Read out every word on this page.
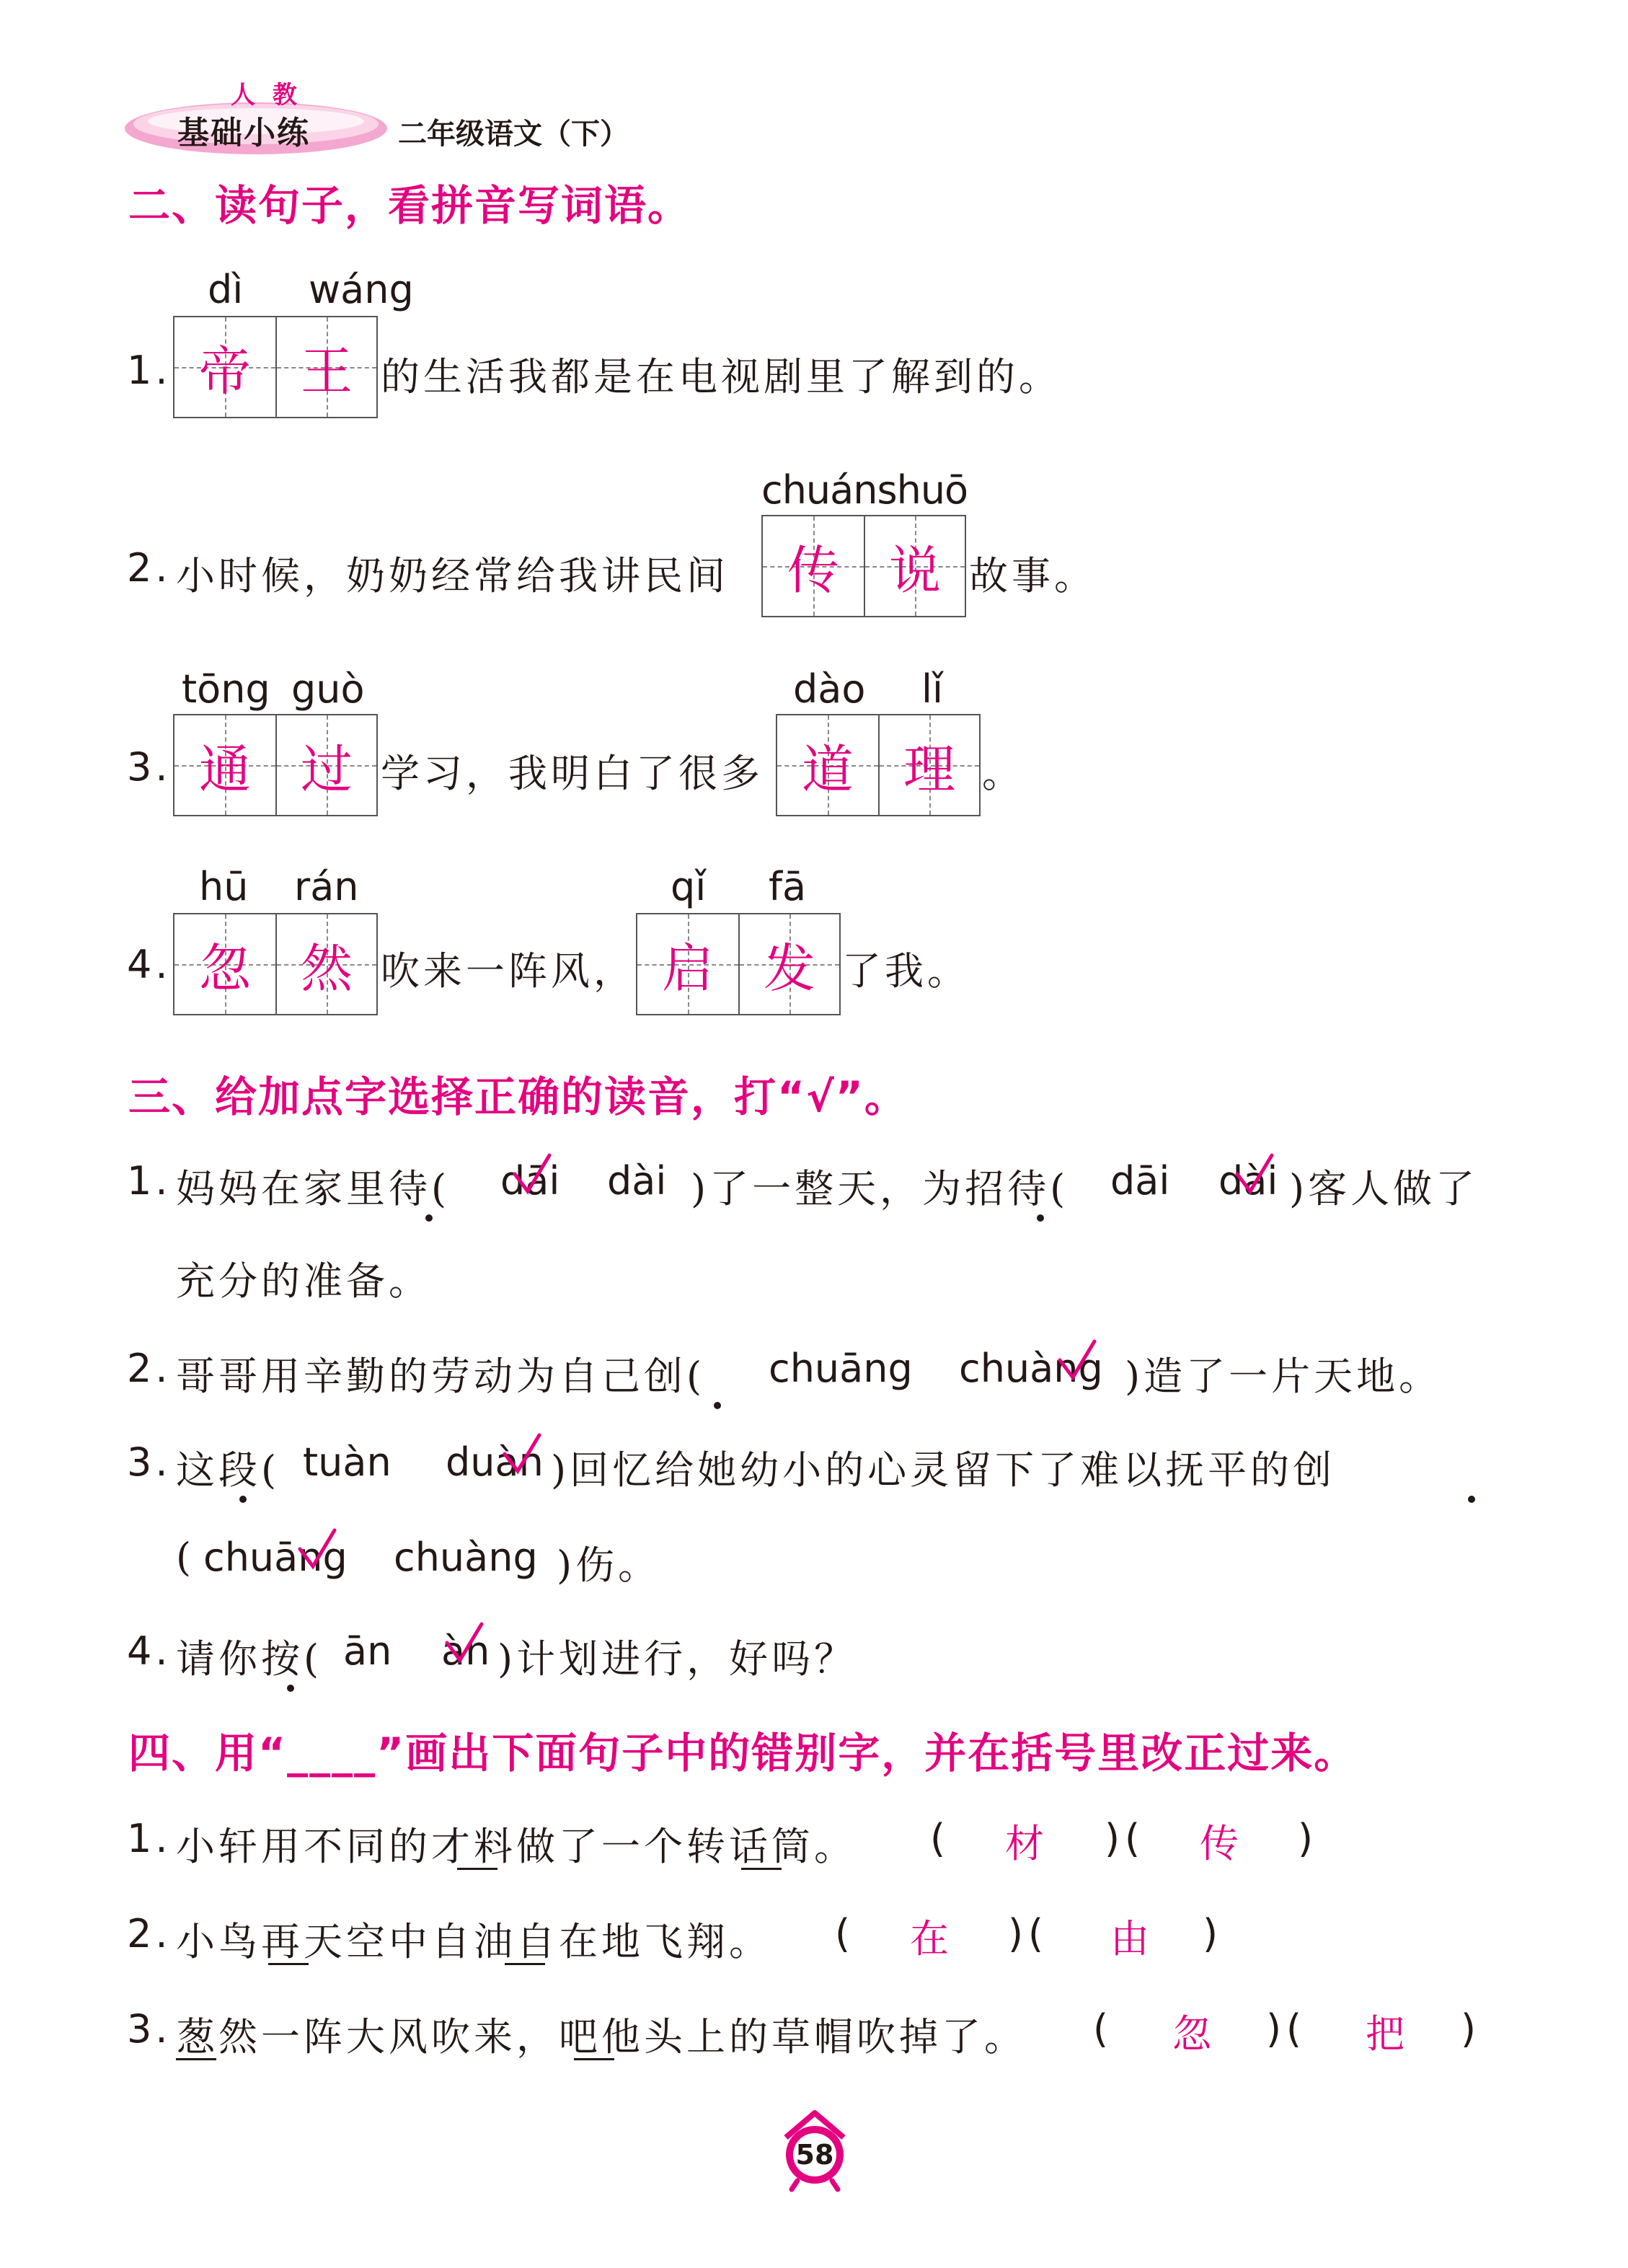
人 教
基础小练	二年级语文（下）
二、读句子，看拼音写词语。
dì wáng
1. 帝 王 的生活我都是在电视剧里了解到的。
2. 小时候，奶奶经常给我讲民间
chuánshuō
传 说 故事。
tōng guò
3. 通 过 学习，我明白了很多
dào lǐ
道 理 。
hū rán
4. 忽 然 吹来一阵风，
qǐ fā
启 发 了我。
三、给加点字选择正确的读音，打“√”。
1. 妈妈在家里待( dāi dài )了一整天，为招待( dāi dài )客人做了
充分的准备。
2. 哥哥用辛勤的劳动为自己创( chuāng chuàng )造了一片天地。
3. 这段( tuàn duàn )回忆给她幼小的心灵留下了难以抚平的创
( chuāng chuàng )伤。
4. 请你按( ān àn )计划进行，好吗？
四、用“____”画出下面句子中的错别字，并在括号里改正过来。
1. 小轩用不同的才料做了一个转话筒。 ( 材 ) ( 传 )
2. 小鸟再天空中自油自在地飞翔。 ( 在 ) ( 由 )
3. 葱然一阵大风吹来，吧他头上的草帽吹掉了。 ( 忽 ) ( 把 )
58
